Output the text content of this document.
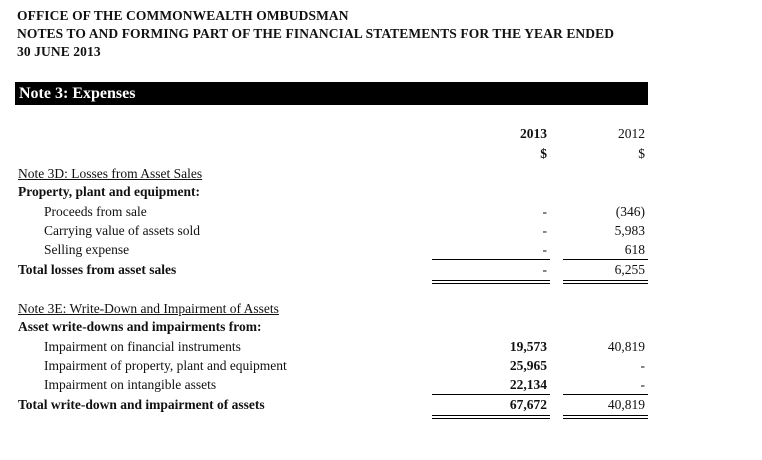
OFFICE OF THE COMMONWEALTH OMBUDSMAN
NOTES TO AND FORMING PART OF THE FINANCIAL STATEMENTS FOR THE YEAR ENDED
30 JUNE 2013
Note 3: Expenses
2013	2012
$	$
Note 3D: Losses from Asset Sales
Property, plant and equipment:
Proceeds from sale	-	(346)
Carrying value of assets sold	-	5,983
Selling expense	-	618
Total losses from asset sales	-	6,255
Note 3E: Write-Down and Impairment of Assets
Asset write-downs and impairments from:
Impairment on financial instruments	19,573	40,819
Impairment of property, plant and equipment	25,965	-
Impairment on intangible assets	22,134	-
Total write-down and impairment of assets	67,672	40,819
